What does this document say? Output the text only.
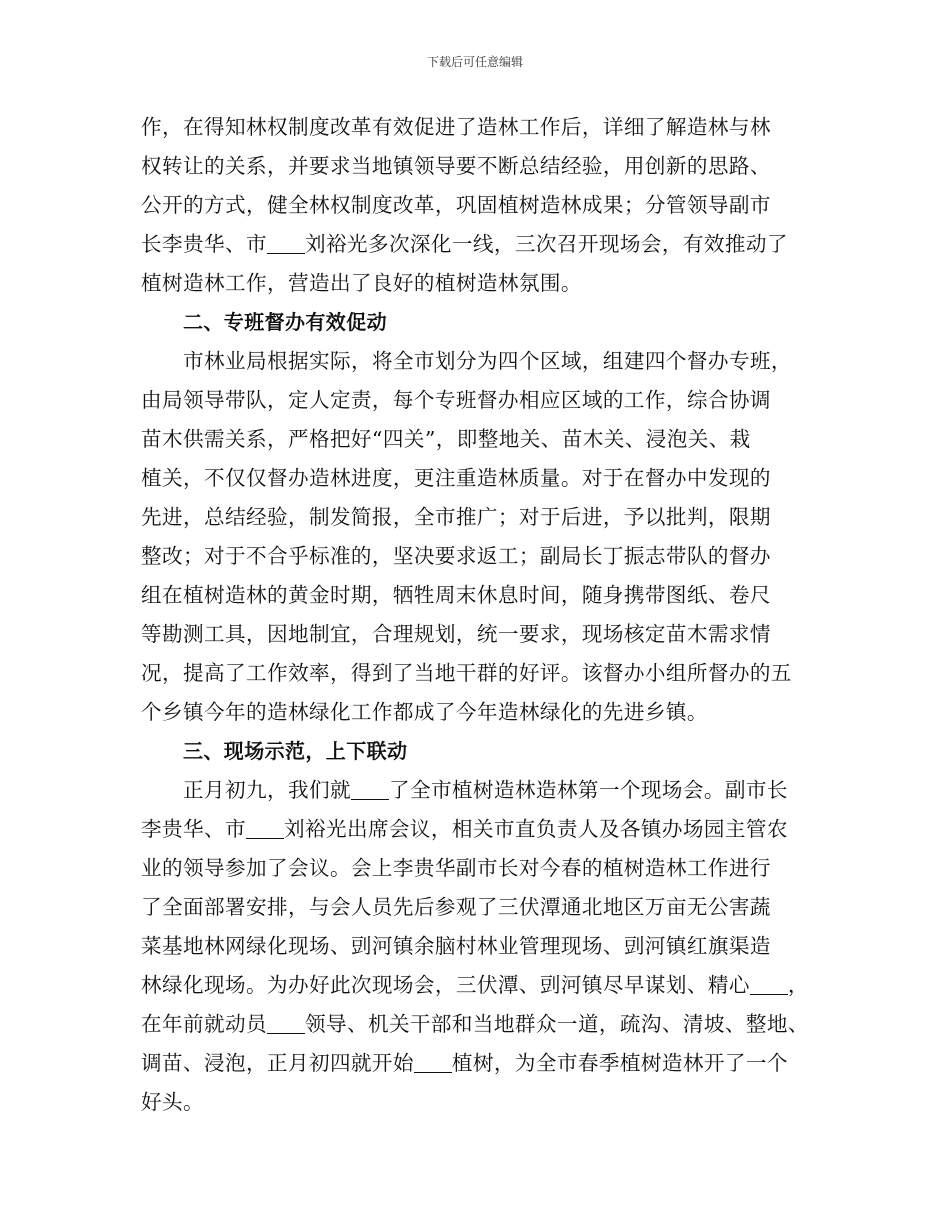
下载后可任意编辑
作，在得知林权制度改革有效促进了造林工作后，详细了解造林与林
权转让的关系，并要求当地镇领导要不断总结经验，用创新的思路、
公开的方式，健全林权制度改革，巩固植树造林成果；分管领导副市
长李贵华、市 刘裕光多次深化一线，三次召开现场会，有效推动了
植树造林工作，营造出了良好的植树造林氛围。
二、专班督办有效促动
市林业局根据实际，将全市划分为四个区域，组建四个督办专班，
由局领导带队，定人定责，每个专班督办相应区域的工作，综合协调
苗木供需关系，严格把好“四关”，即整地关、苗木关、浸泡关、栽
植关，不仅仅督办造林进度，更注重造林质量。对于在督办中发现的
先进，总结经验，制发简报，全市推广；对于后进，予以批判，限期
整改；对于不合乎标准的，坚决要求返工；副局长丁振志带队的督办
组在植树造林的黄金时期，牺牲周末休息时间，随身携带图纸、卷尺
等勘测工具，因地制宜，合理规划，统一要求，现场核定苗木需求情
况，提高了工作效率，得到了当地干群的好评。该督办小组所督办的五
个乡镇今年的造林绿化工作都成了今年造林绿化的先进乡镇。
三、现场示范，上下联动
正月初九，我们就 了全市植树造林造林第一个现场会。副市长
李贵华、市 刘裕光出席会议，相关市直负责人及各镇办场园主管农
业的领导参加了会议。会上李贵华副市长对今春的植树造林工作进行
了全面部署安排，与会人员先后参观了三伏潭通北地区万亩无公害蔬
菜基地林网绿化现场、剅河镇余脑村林业管理现场、剅河镇红旗渠造
林绿化现场。为办好此次现场会，三伏潭、剅河镇尽早谋划、精心 ，
在年前就动员 领导、机关干部和当地群众一道，疏沟、清坡、整地、
调苗、浸泡，正月初四就开始 植树，为全市春季植树造林开了一个
好头。
